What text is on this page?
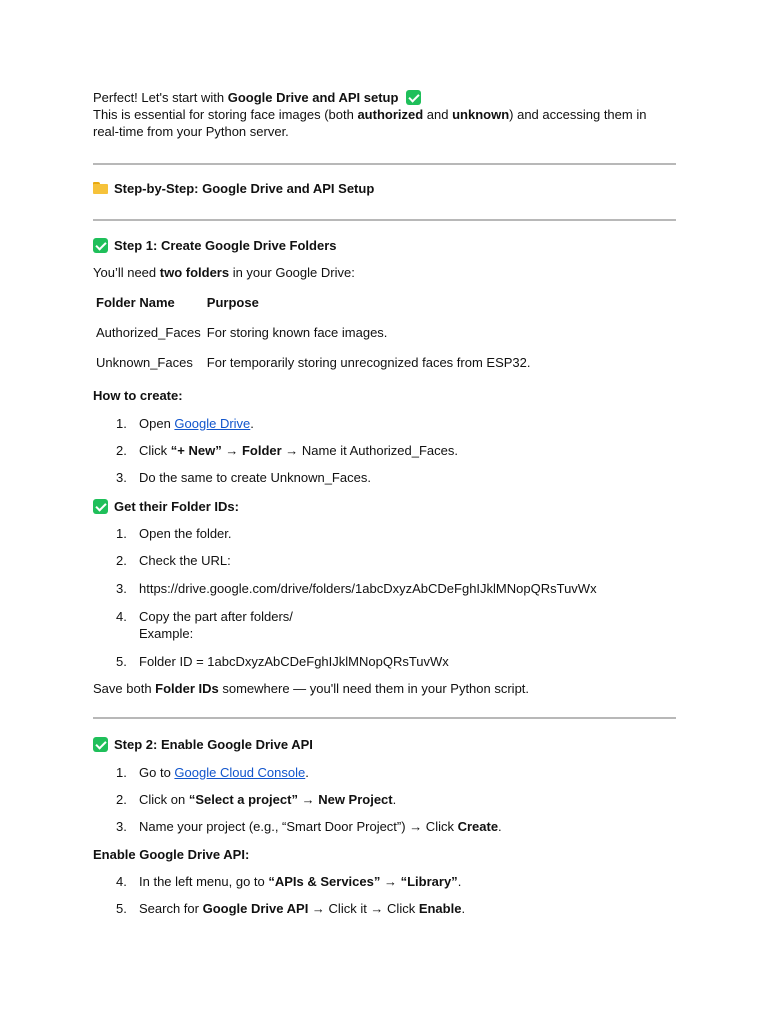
Perfect! Let's start with Google Drive and API setup

This is essential for storing face images (both authorized and unknown) and accessing them in real-time from your Python server.

Step-by-Step: Google Drive and API Setup
Step 1: Create Google Drive Folders
You’ll need two folders in your Google Drive:
Folder Name	Purpose
Authorized_Faces	For storing known face images.
Unknown_Faces	For temporarily storing unrecognized faces from ESP32.
How to create:
1. Open Google Drive.
2. Click “+ New” → Folder → Name it Authorized_Faces.
3. Do the same to create Unknown_Faces.
Get their Folder IDs:
1. Open the folder.
2. Check the URL:
3. https://drive.google.com/drive/folders/1abcDxyzAbCDeFghIJklMNopQRsTuvWx
4. Copy the part after folders/
Example:
5. Folder ID = 1abcDxyzAbCDeFghIJklMNopQRsTuvWx
Save both Folder IDs somewhere — you'll need them in your Python script.
Step 2: Enable Google Drive API
1. Go to Google Cloud Console.
2. Click on “Select a project” → New Project.
3. Name your project (e.g., “Smart Door Project”) → Click Create.
Enable Google Drive API:
4. In the left menu, go to “APIs & Services” → “Library”.
5. Search for Google Drive API → Click it → Click Enable.
